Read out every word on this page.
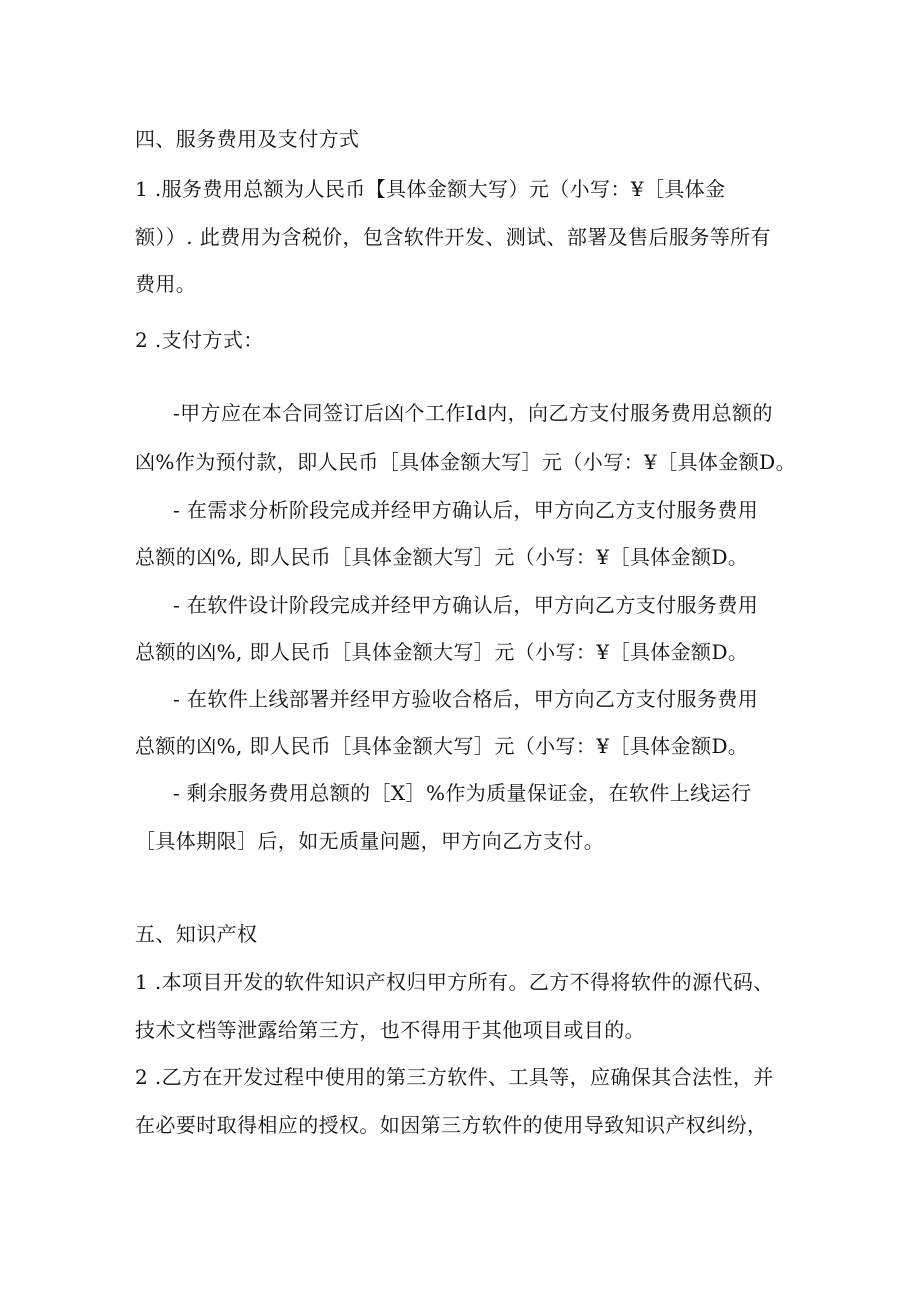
四、服务费用及支付方式
1 .服务费用总额为人民币【具体金额大写）元（小写：¥［具体金
额））. 此费用为含税价，包含软件开发、测试、部署及售后服务等所有
费用。
2 .支付方式：
-甲方应在本合同签订后凶个工作Id内，向乙方支付服务费用总额的
凶%作为预付款，即人民币［具体金额大写］元（小写：¥［具体金额D。
- 在需求分析阶段完成并经甲方确认后，甲方向乙方支付服务费用
总额的凶%, 即人民币［具体金额大写］元（小写：¥［具体金额D。
- 在软件设计阶段完成并经甲方确认后，甲方向乙方支付服务费用
总额的凶%, 即人民币［具体金额大写］元（小写：¥［具体金额D。
- 在软件上线部署并经甲方验收合格后，甲方向乙方支付服务费用
总额的凶%, 即人民币［具体金额大写］元（小写：¥［具体金额D。
- 剩余服务费用总额的［X］%作为质量保证金，在软件上线运行
［具体期限］后，如无质量问题，甲方向乙方支付。
五、知识产权
1 .本项目开发的软件知识产权归甲方所有。乙方不得将软件的源代码、
技术文档等泄露给第三方，也不得用于其他项目或目的。
2 .乙方在开发过程中使用的第三方软件、工具等，应确保其合法性，并
在必要时取得相应的授权。如因第三方软件的使用导致知识产权纠纷，
